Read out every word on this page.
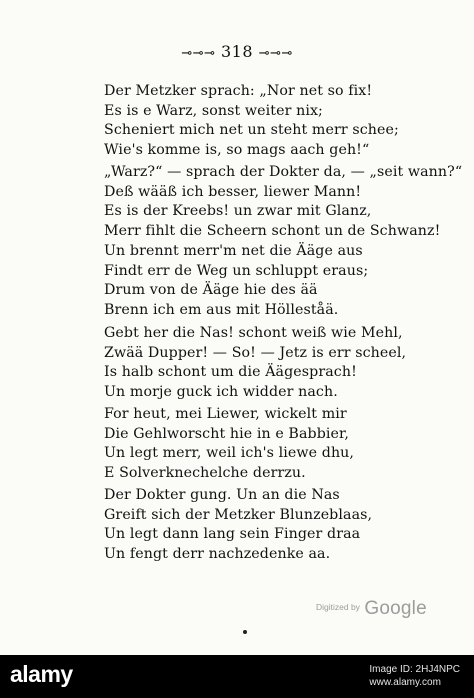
⊸⊸⊸ 318 ⊸⊸⊸
Der Metzker sprach: „Nor net so fix!
Es is e Warz, sonst weiter nix;
Scheniert mich net un steht merr schee;
Wie's komme is, so mags aach geh!“
„Warz?“ — sprach der Dokter da, — „seit wann?“
Deß wääß ich besser, liewer Mann!
Es is der Kreebs! un zwar mit Glanz,
Merr fihlt die Scheern schont un de Schwanz!
Un brennt merr'm net die Ääge aus
Findt err de Weg un schluppt eraus;
Drum von de Ääge hie des ää
Brenn ich em aus mit Hölleståä.
Gebt her die Nas! schont weiß wie Mehl,
Zwää Dupper! — So! — Jetz is err scheel,
Is halb schont um die Äägesprach!
Un morje guck ich widder nach.
For heut, mei Liewer, wickelt mir
Die Gehlworscht hie in e Babbier,
Un legt merr, weil ich's liewe dhu,
E Solverknechelche derrzu.
Der Dokter gung. Un an die Nas
Greift sich der Metzker Blunzeblaas,
Un legt dann lang sein Finger draa
Un fengt derr nachzedenke aa.
$^{Digitized by}$ Google
alamy	Image ID: 2HJ4NPC
www.alamy.com
